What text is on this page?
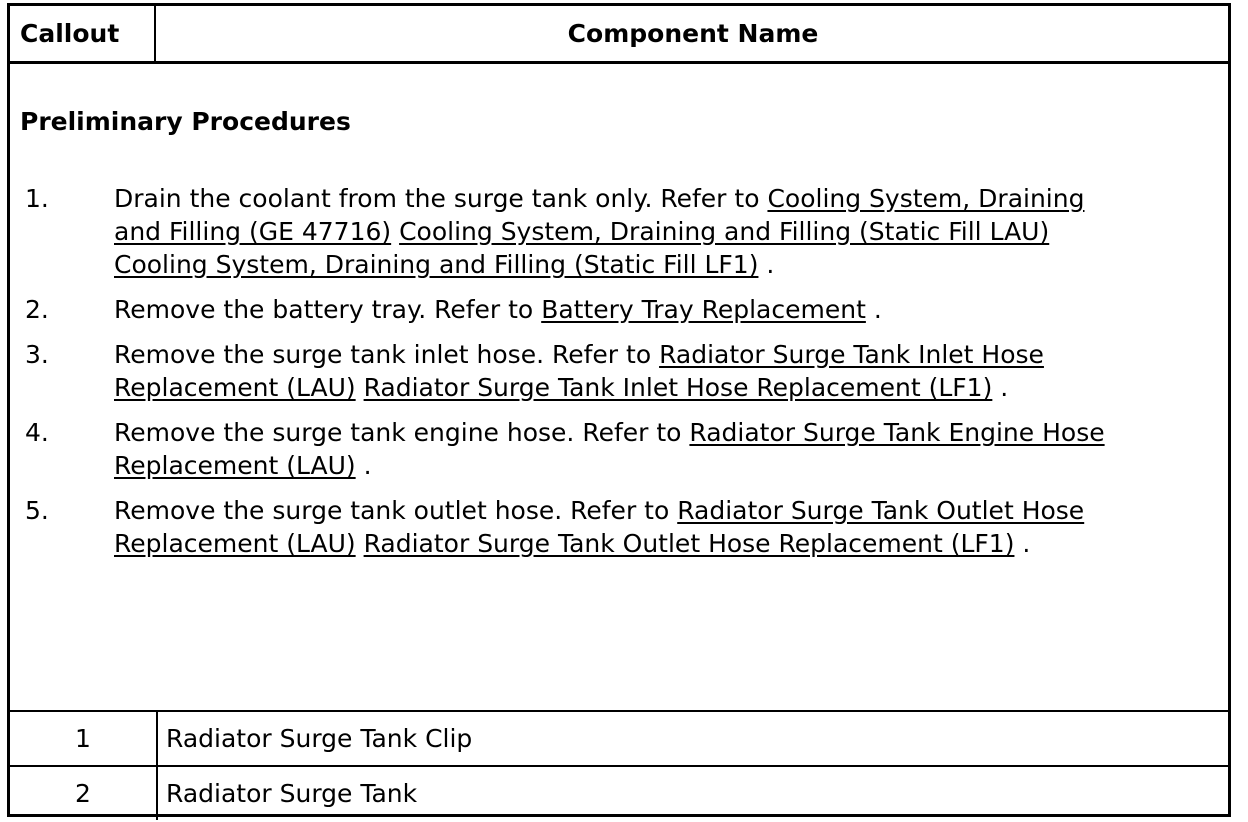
Callout	Component Name
Preliminary Procedures
1.	Drain the coolant from the surge tank only. Refer to Cooling System, Draining and Filling (GE 47716) Cooling System, Draining and Filling (Static Fill LAU) Cooling System, Draining and Filling (Static Fill LF1) .
2.	Remove the battery tray. Refer to Battery Tray Replacement .
3.	Remove the surge tank inlet hose. Refer to Radiator Surge Tank Inlet Hose Replacement (LAU) Radiator Surge Tank Inlet Hose Replacement (LF1) .
4.	Remove the surge tank engine hose. Refer to Radiator Surge Tank Engine Hose Replacement (LAU) .
5.	Remove the surge tank outlet hose. Refer to Radiator Surge Tank Outlet Hose Replacement (LAU) Radiator Surge Tank Outlet Hose Replacement (LF1) .
1	Radiator Surge Tank Clip
2	Radiator Surge Tank
